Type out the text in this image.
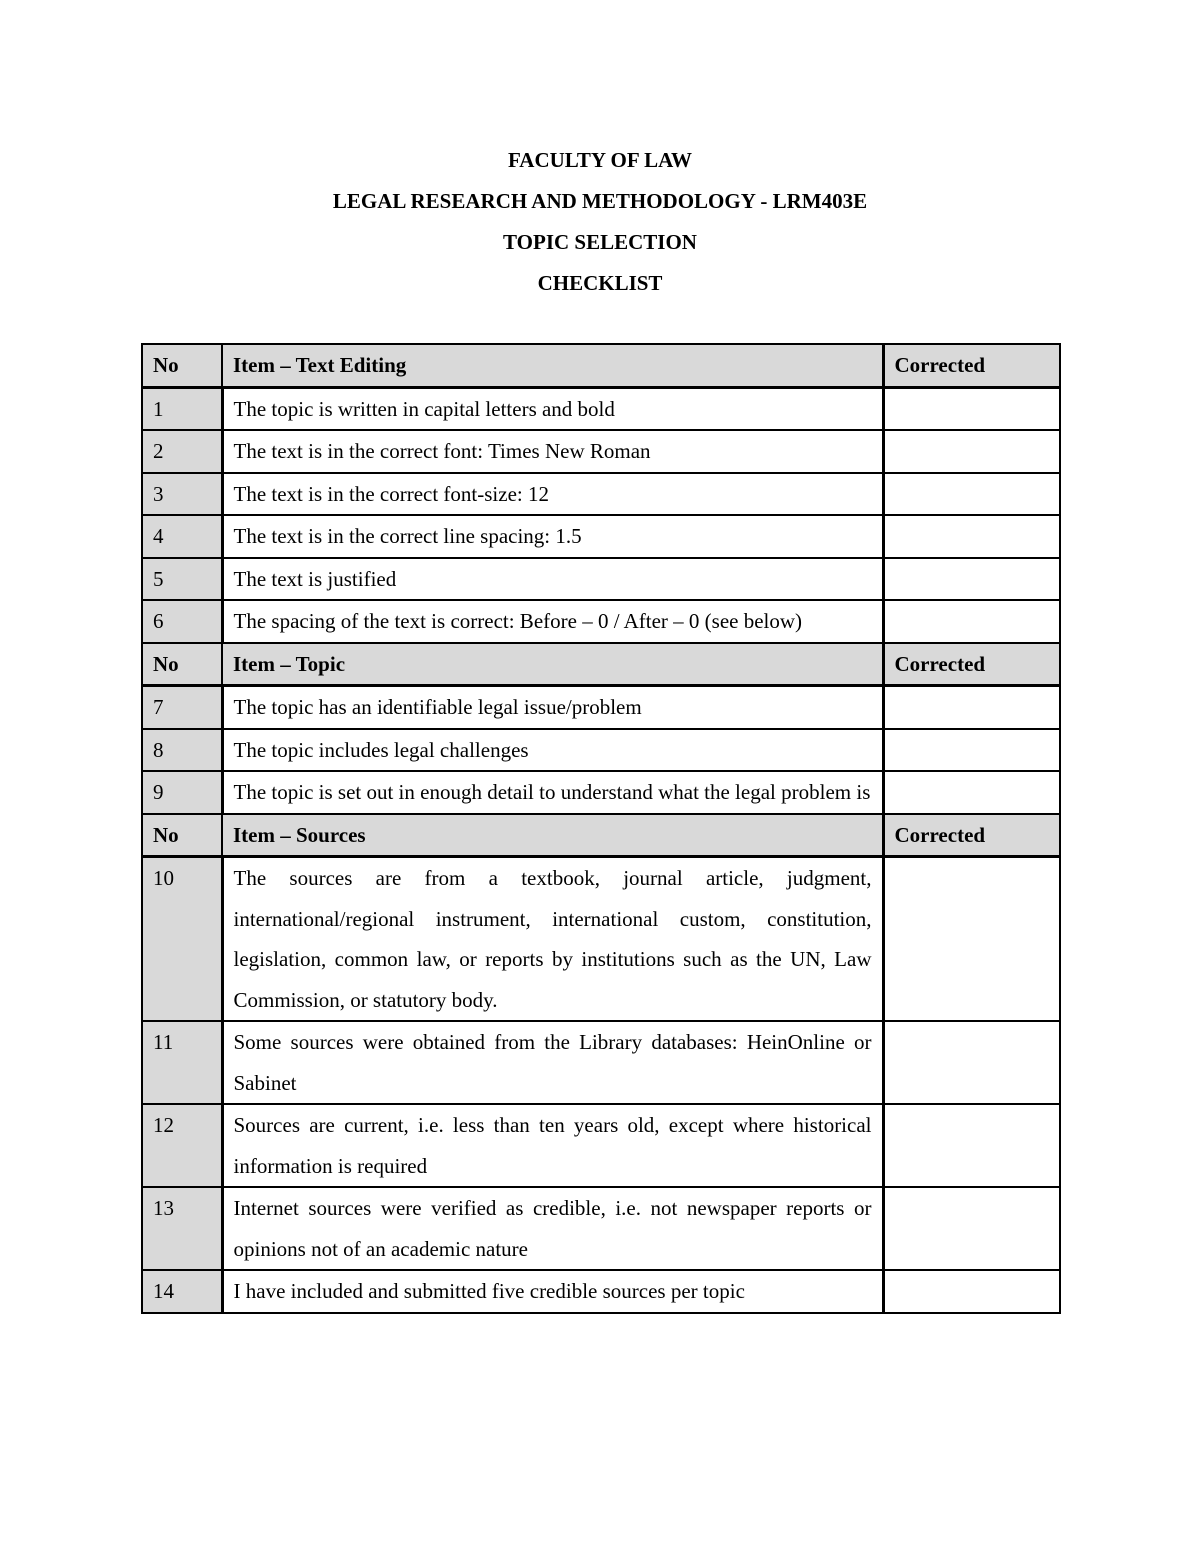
FACULTY OF LAW
LEGAL RESEARCH AND METHODOLOGY - LRM403E
TOPIC SELECTION
CHECKLIST
No	Item – Text Editing	Corrected
1	The topic is written in capital letters and bold	
2	The text is in the correct font: Times New Roman	
3	The text is in the correct font-size: 12	
4	The text is in the correct line spacing: 1.5	
5	The text is justified	
6	The spacing of the text is correct: Before – 0 / After – 0 (see below)	
No	Item – Topic	Corrected
7	The topic has an identifiable legal issue/problem	
8	The topic includes legal challenges	
9	The topic is set out in enough detail to understand what the legal problem is	
No	Item – Sources	Corrected
10	The sources are from a textbook, journal article, judgment, international/regional instrument, international custom, constitution, legislation, common law, or reports by institutions such as the UN, Law Commission, or statutory body.	
11	Some sources were obtained from the Library databases: HeinOnline or Sabinet	
12	Sources are current, i.e. less than ten years old, except where historical information is required	
13	Internet sources were verified as credible, i.e. not newspaper reports or opinions not of an academic nature	
14	I have included and submitted five credible sources per topic	
